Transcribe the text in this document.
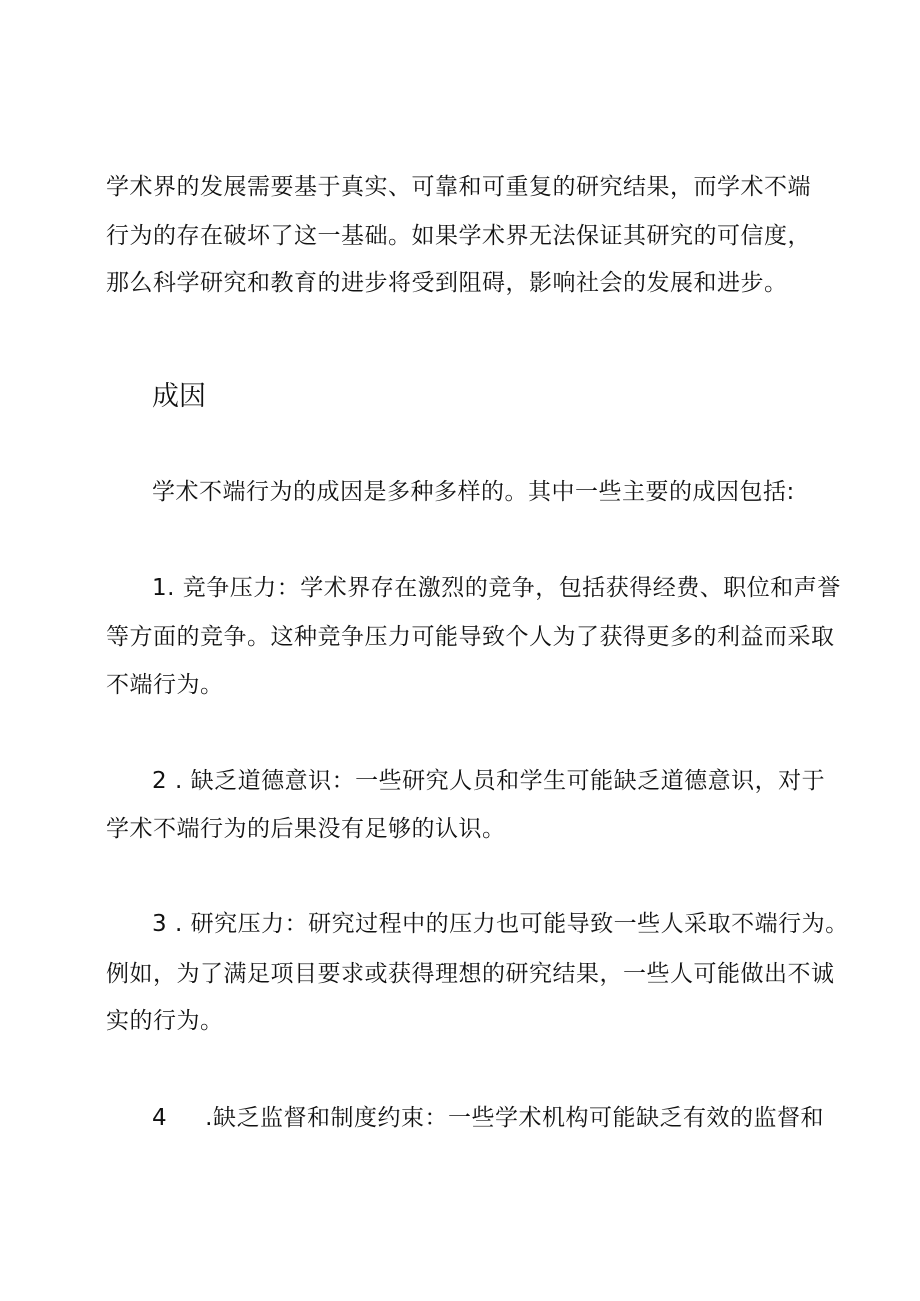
学术界的发展需要基于真实、可靠和可重复的研究结果，而学术不端
行为的存在破坏了这一基础。如果学术界无法保证其研究的可信度，
那么科学研究和教育的进步将受到阻碍，影响社会的发展和进步。
成因
学术不端行为的成因是多种多样的。其中一些主要的成因包括:
1. 竞争压力：学术界存在激烈的竞争，包括获得经费、职位和声誉
等方面的竞争。这种竞争压力可能导致个人为了获得更多的利益而采取
不端行为。
2 . 缺乏道德意识：一些研究人员和学生可能缺乏道德意识，对于
学术不端行为的后果没有足够的认识。
3 . 研究压力：研究过程中的压力也可能导致一些人采取不端行为。
例如，为了满足项目要求或获得理想的研究结果，一些人可能做出不诚
实的行为。
4 .缺乏监督和制度约束：一些学术机构可能缺乏有效的监督和
